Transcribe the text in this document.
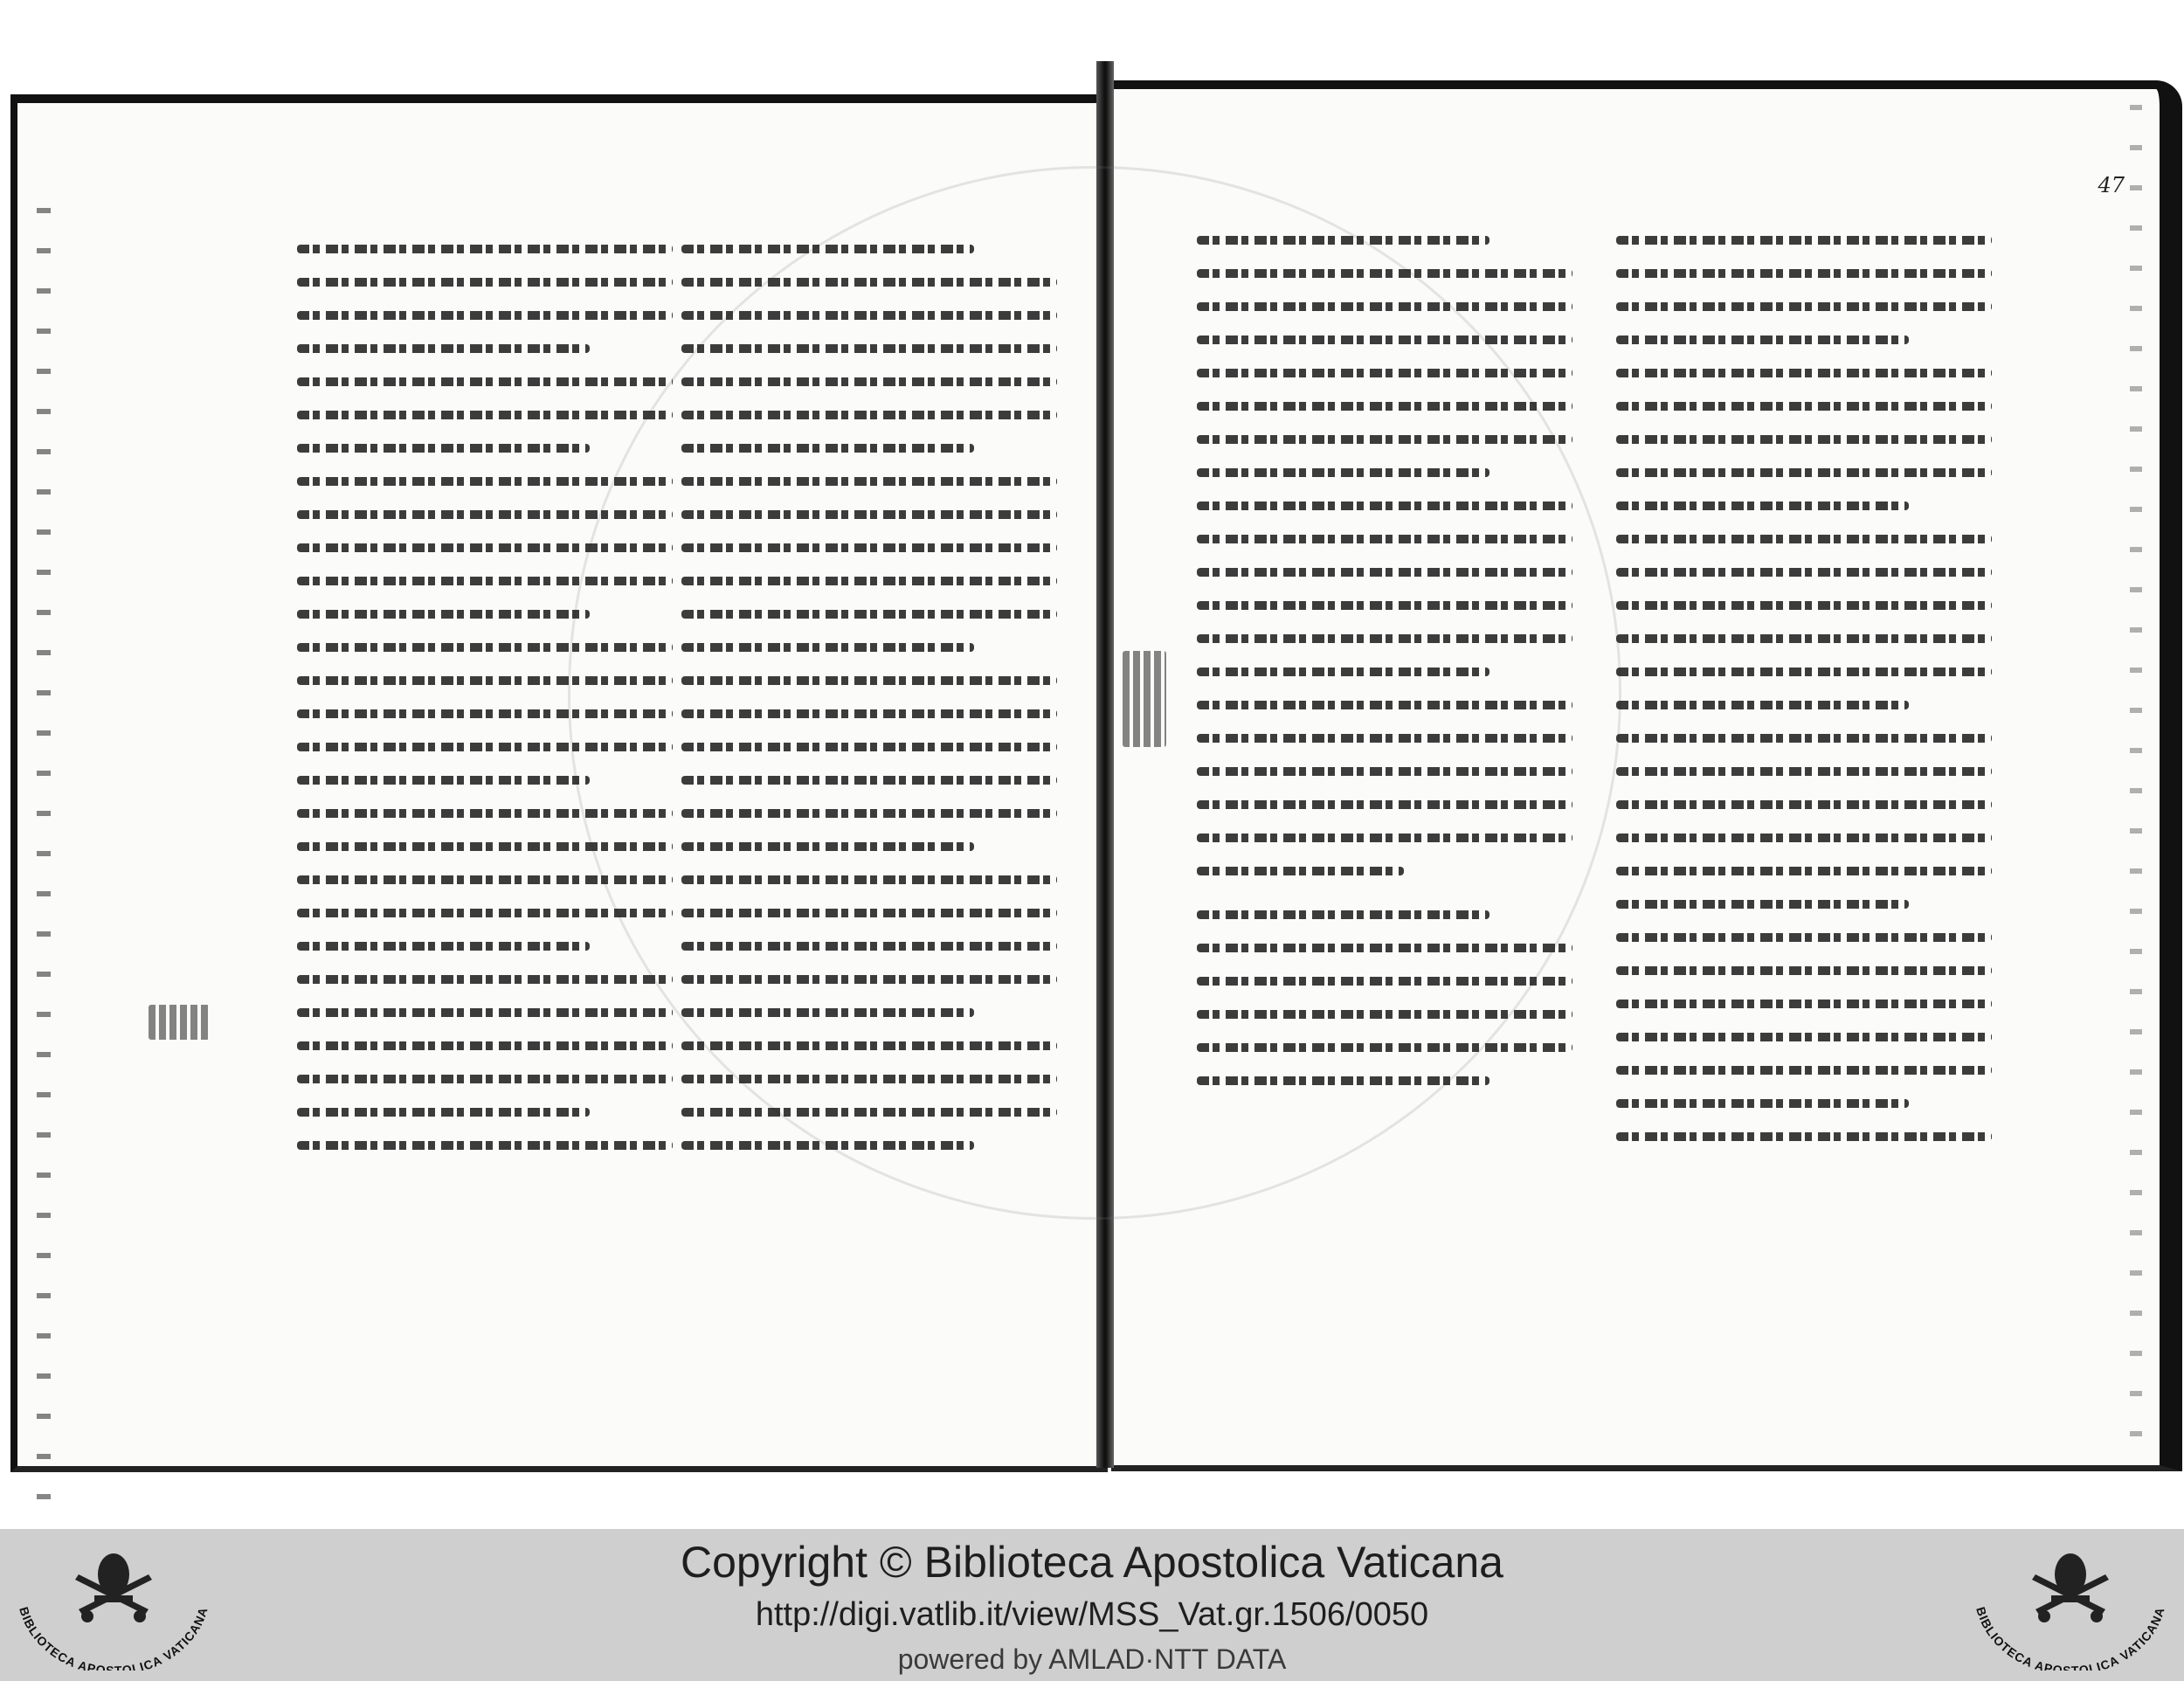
47
Copyright © Biblioteca Apostolica Vaticana
http://digi.vatlib.it/view/MSS_Vat.gr.1506/0050
powered by AMLAD·NTT DATA
BIBLIOTECA APOSTOLICA VATICANA	BIBLIOTECA APOSTOLICA VATICANA
